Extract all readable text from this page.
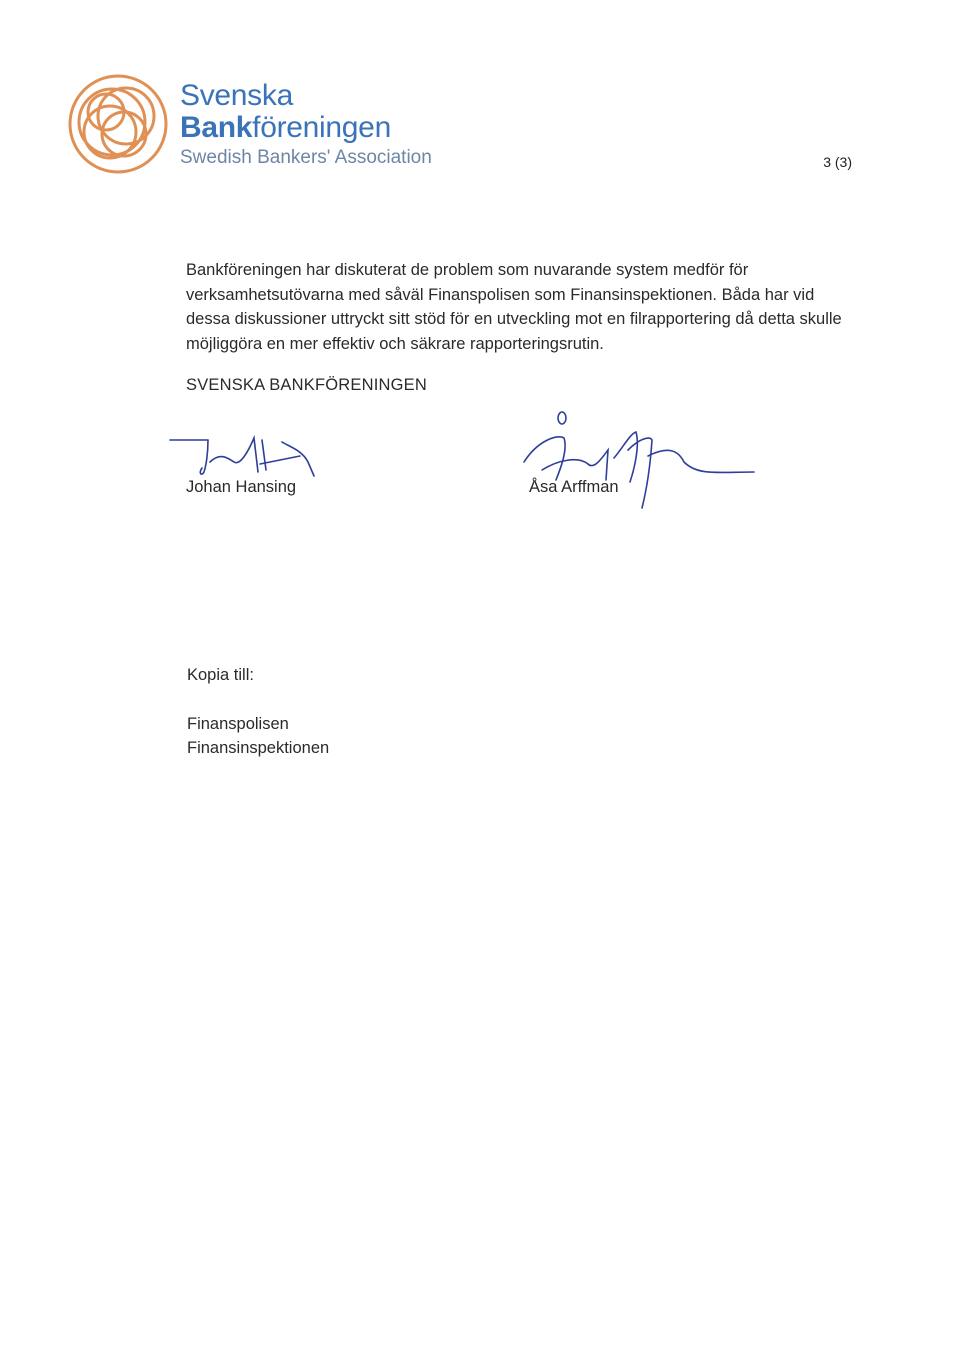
Svenska
Bankföreningen
Swedish Bankers' Association	3 (3)

Bankföreningen har diskuterat de problem som nuvarande system medför för verksamhetsutövarna med såväl Finanspolisen som Finansinspektionen. Båda har vid dessa diskussioner uttryckt sitt stöd för en utveckling mot en filrapportering då detta skulle möjliggöra en mer effektiv och säkrare rapporteringsrutin.

SVENSKA BANKFÖRENINGEN
Johan Hansing	Åsa Arffman
Kopia till:
Finanspolisen
Finansinspektionen
